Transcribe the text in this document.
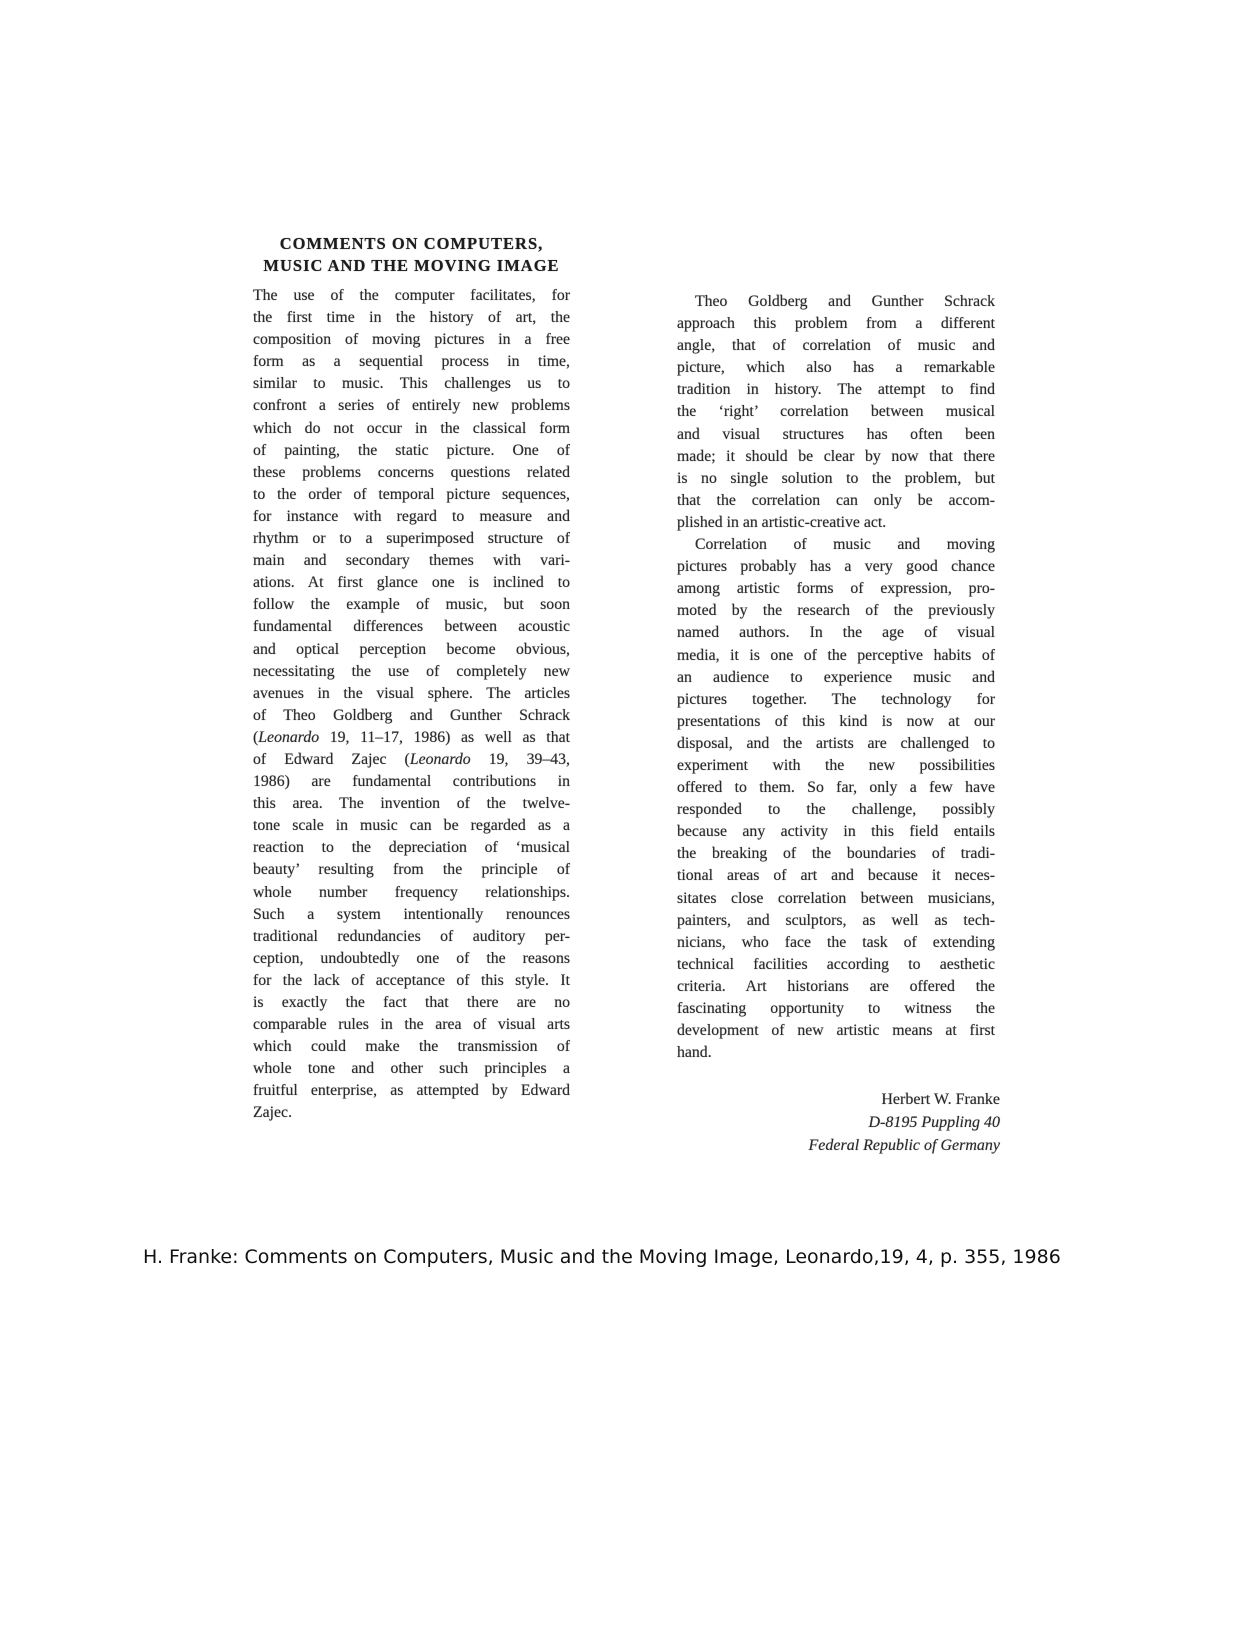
COMMENTS ON COMPUTERS,
MUSIC AND THE MOVING IMAGE
The use of the computer facilitates, for
the first time in the history of art, the
composition of moving pictures in a free
form as a sequential process in time,
similar to music. This challenges us to
confront a series of entirely new problems
which do not occur in the classical form
of painting, the static picture. One of
these problems concerns questions related
to the order of temporal picture sequences,
for instance with regard to measure and
rhythm or to a superimposed structure of
main and secondary themes with vari-
ations. At first glance one is inclined to
follow the example of music, but soon
fundamental differences between acoustic
and optical perception become obvious,
necessitating the use of completely new
avenues in the visual sphere. The articles
of Theo Goldberg and Gunther Schrack
(Leonardo 19, 11–17, 1986) as well as that
of Edward Zajec (Leonardo 19, 39–43,
1986) are fundamental contributions in
this area. The invention of the twelve-
tone scale in music can be regarded as a
reaction to the depreciation of ‘musical
beauty’ resulting from the principle of
whole number frequency relationships.
Such a system intentionally renounces
traditional redundancies of auditory per-
ception, undoubtedly one of the reasons
for the lack of acceptance of this style. It
is exactly the fact that there are no
comparable rules in the area of visual arts
which could make the transmission of
whole tone and other such principles a
fruitful enterprise, as attempted by Edward
Zajec.
Theo Goldberg and Gunther Schrack
approach this problem from a different
angle, that of correlation of music and
picture, which also has a remarkable
tradition in history. The attempt to find
the ‘right’ correlation between musical
and visual structures has often been
made; it should be clear by now that there
is no single solution to the problem, but
that the correlation can only be accom-
plished in an artistic-creative act.
Correlation of music and moving
pictures probably has a very good chance
among artistic forms of expression, pro-
moted by the research of the previously
named authors. In the age of visual
media, it is one of the perceptive habits of
an audience to experience music and
pictures together. The technology for
presentations of this kind is now at our
disposal, and the artists are challenged to
experiment with the new possibilities
offered to them. So far, only a few have
responded to the challenge, possibly
because any activity in this field entails
the breaking of the boundaries of tradi-
tional areas of art and because it neces-
sitates close correlation between musicians,
painters, and sculptors, as well as tech-
nicians, who face the task of extending
technical facilities according to aesthetic
criteria. Art historians are offered the
fascinating opportunity to witness the
development of new artistic means at first
hand.
Herbert W. Franke
D-8195 Puppling 40
Federal Republic of Germany
H. Franke: Comments on Computers, Music and the Moving Image, Leonardo,19, 4, p. 355, 1986
